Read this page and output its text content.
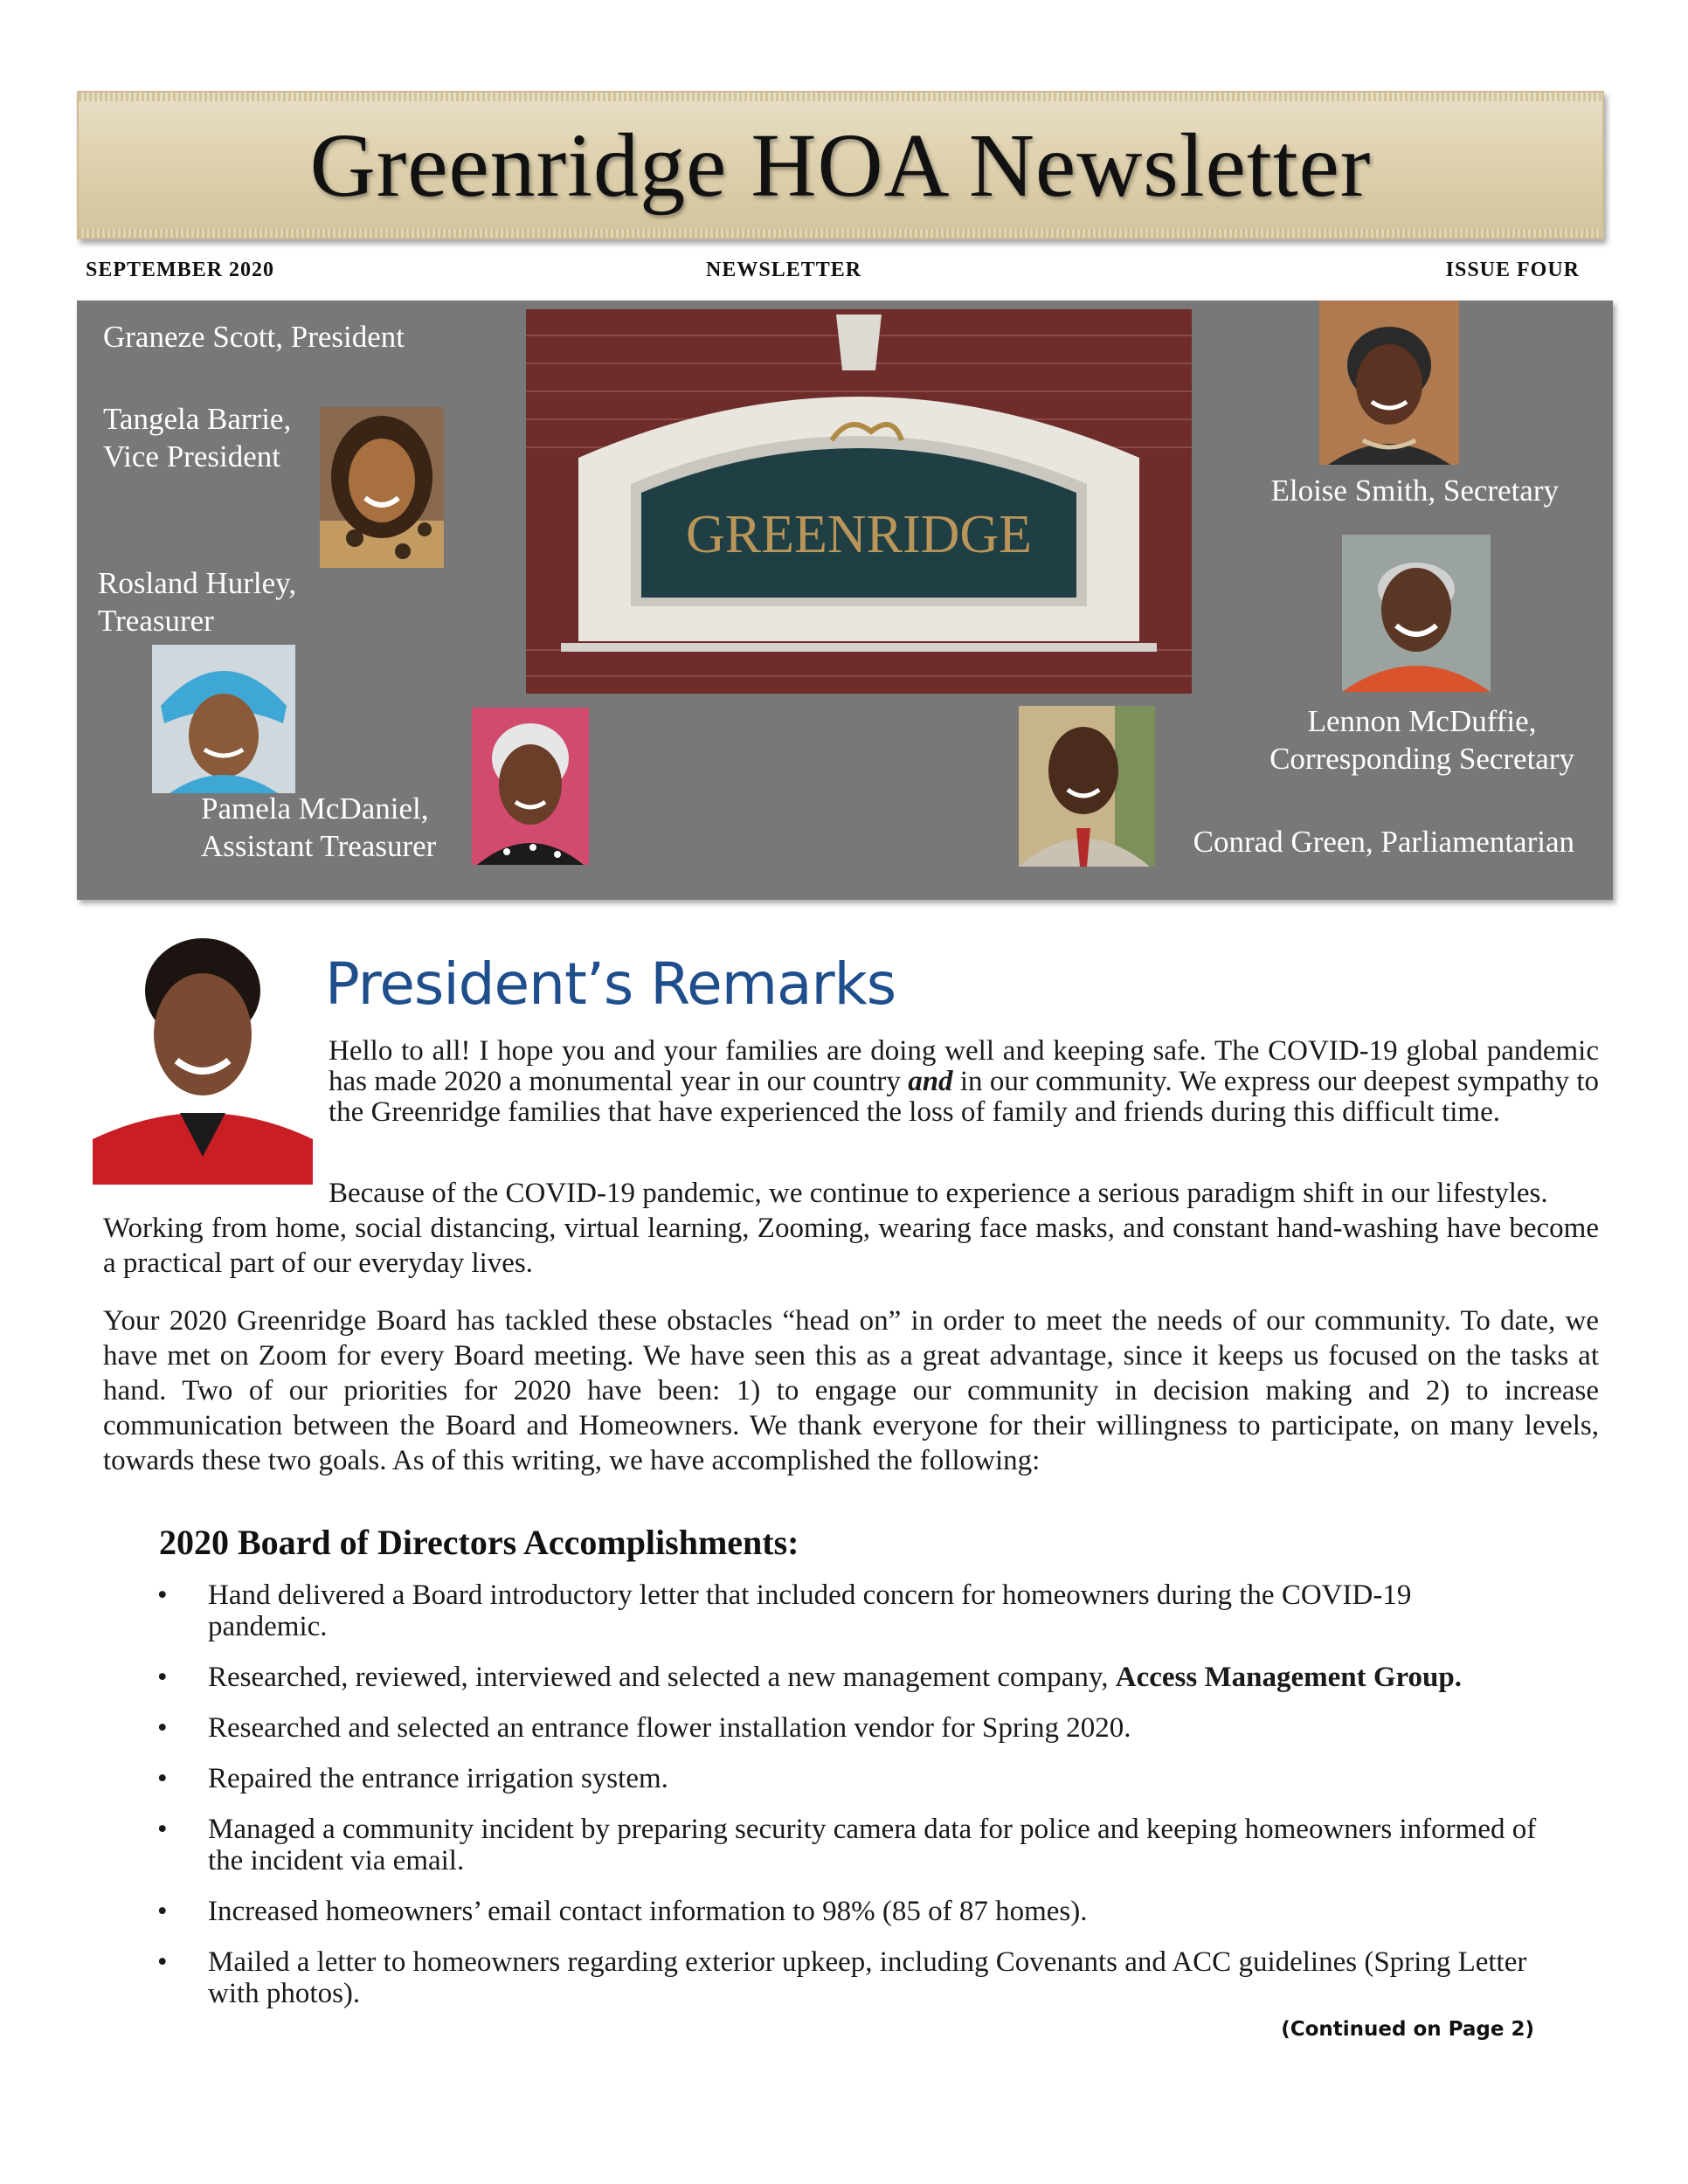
Greenridge HOA Newsletter
SEPTEMBER 2020	NEWSLETTER	ISSUE FOUR
Graneze Scott, President
Tangela Barrie,
Vice President
Rosland Hurley,
Treasurer
Pamela McDaniel,
Assistant Treasurer
GREENRIDGE
Eloise Smith, Secretary
Lennon McDuffie,
Corresponding Secretary
Conrad Green, Parliamentarian
President’s Remarks
Hello to all! I hope you and your families are doing well and keeping safe. The COVID-19 global pandemic has made 2020 a monumental year in our country and in our community. We express our deepest sympathy to the Greenridge families that have experienced the loss of family and friends during this difficult time.
Because of the COVID-19 pandemic, we continue to experience a serious paradigm shift in our lifestyles.
Working from home, social distancing, virtual learning, Zooming, wearing face masks, and constant hand-washing have become a practical part of our everyday lives.
Your 2020 Greenridge Board has tackled these obstacles “head on” in order to meet the needs of our community. To date, we have met on Zoom for every Board meeting. We have seen this as a great advantage, since it keeps us focused on the tasks at hand. Two of our priorities for 2020 have been: 1) to engage our community in decision making and 2) to increase communication between the Board and Homeowners. We thank everyone for their willingness to participate, on many levels, towards these two goals. As of this writing, we have accomplished the following:
2020 Board of Directors Accomplishments:
• Hand delivered a Board introductory letter that included concern for homeowners during the COVID-19 pandemic.
• Researched, reviewed, interviewed and selected a new management company, Access Management Group.
• Researched and selected an entrance flower installation vendor for Spring 2020.
• Repaired the entrance irrigation system.
• Managed a community incident by preparing security camera data for police and keeping homeowners informed of the incident via email.
• Increased homeowners’ email contact information to 98% (85 of 87 homes).
• Mailed a letter to homeowners regarding exterior upkeep, including Covenants and ACC guidelines (Spring Letter with photos).
(Continued on Page 2)
